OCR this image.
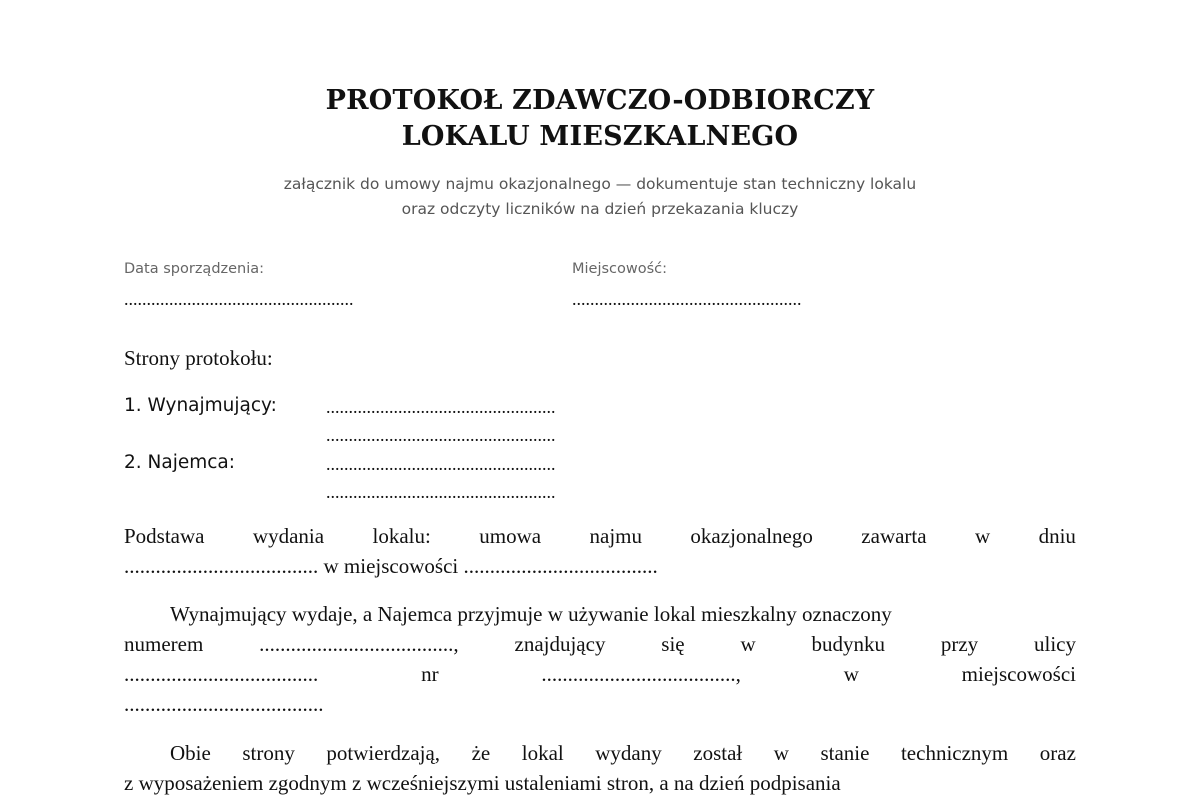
PROTOKOŁ ZDAWCZO-ODBIORCZY
LOKALU MIESZKALNEGO
załącznik do umowy najmu okazjonalnego — dokumentuje stan techniczny lokalu
oraz odczyty liczników na dzień przekazania kluczy
Data sporządzenia:
...................................................
Miejscowość:
...................................................
Strony protokołu:
1. Wynajmujący:	...................................................
...................................................
2. Najemca:	...................................................
...................................................
Podstawa wydania lokalu: umowa najmu okazjonalnego zawarta w dniu
..................................... w miejscowości .....................................
Wynajmujący wydaje, a Najemca przyjmuje w używanie lokal mieszkalny oznaczony
numerem	.....................................,	znajdujący	się	w	budynku	przy	ulicy
.....................................	nr	.....................................,	w	miejscowości
......................................
Obie strony potwierdzają, że lokal wydany został w stanie technicznym oraz
z wyposażeniem zgodnym z wcześniejszymi ustaleniami stron, a na dzień podpisania
